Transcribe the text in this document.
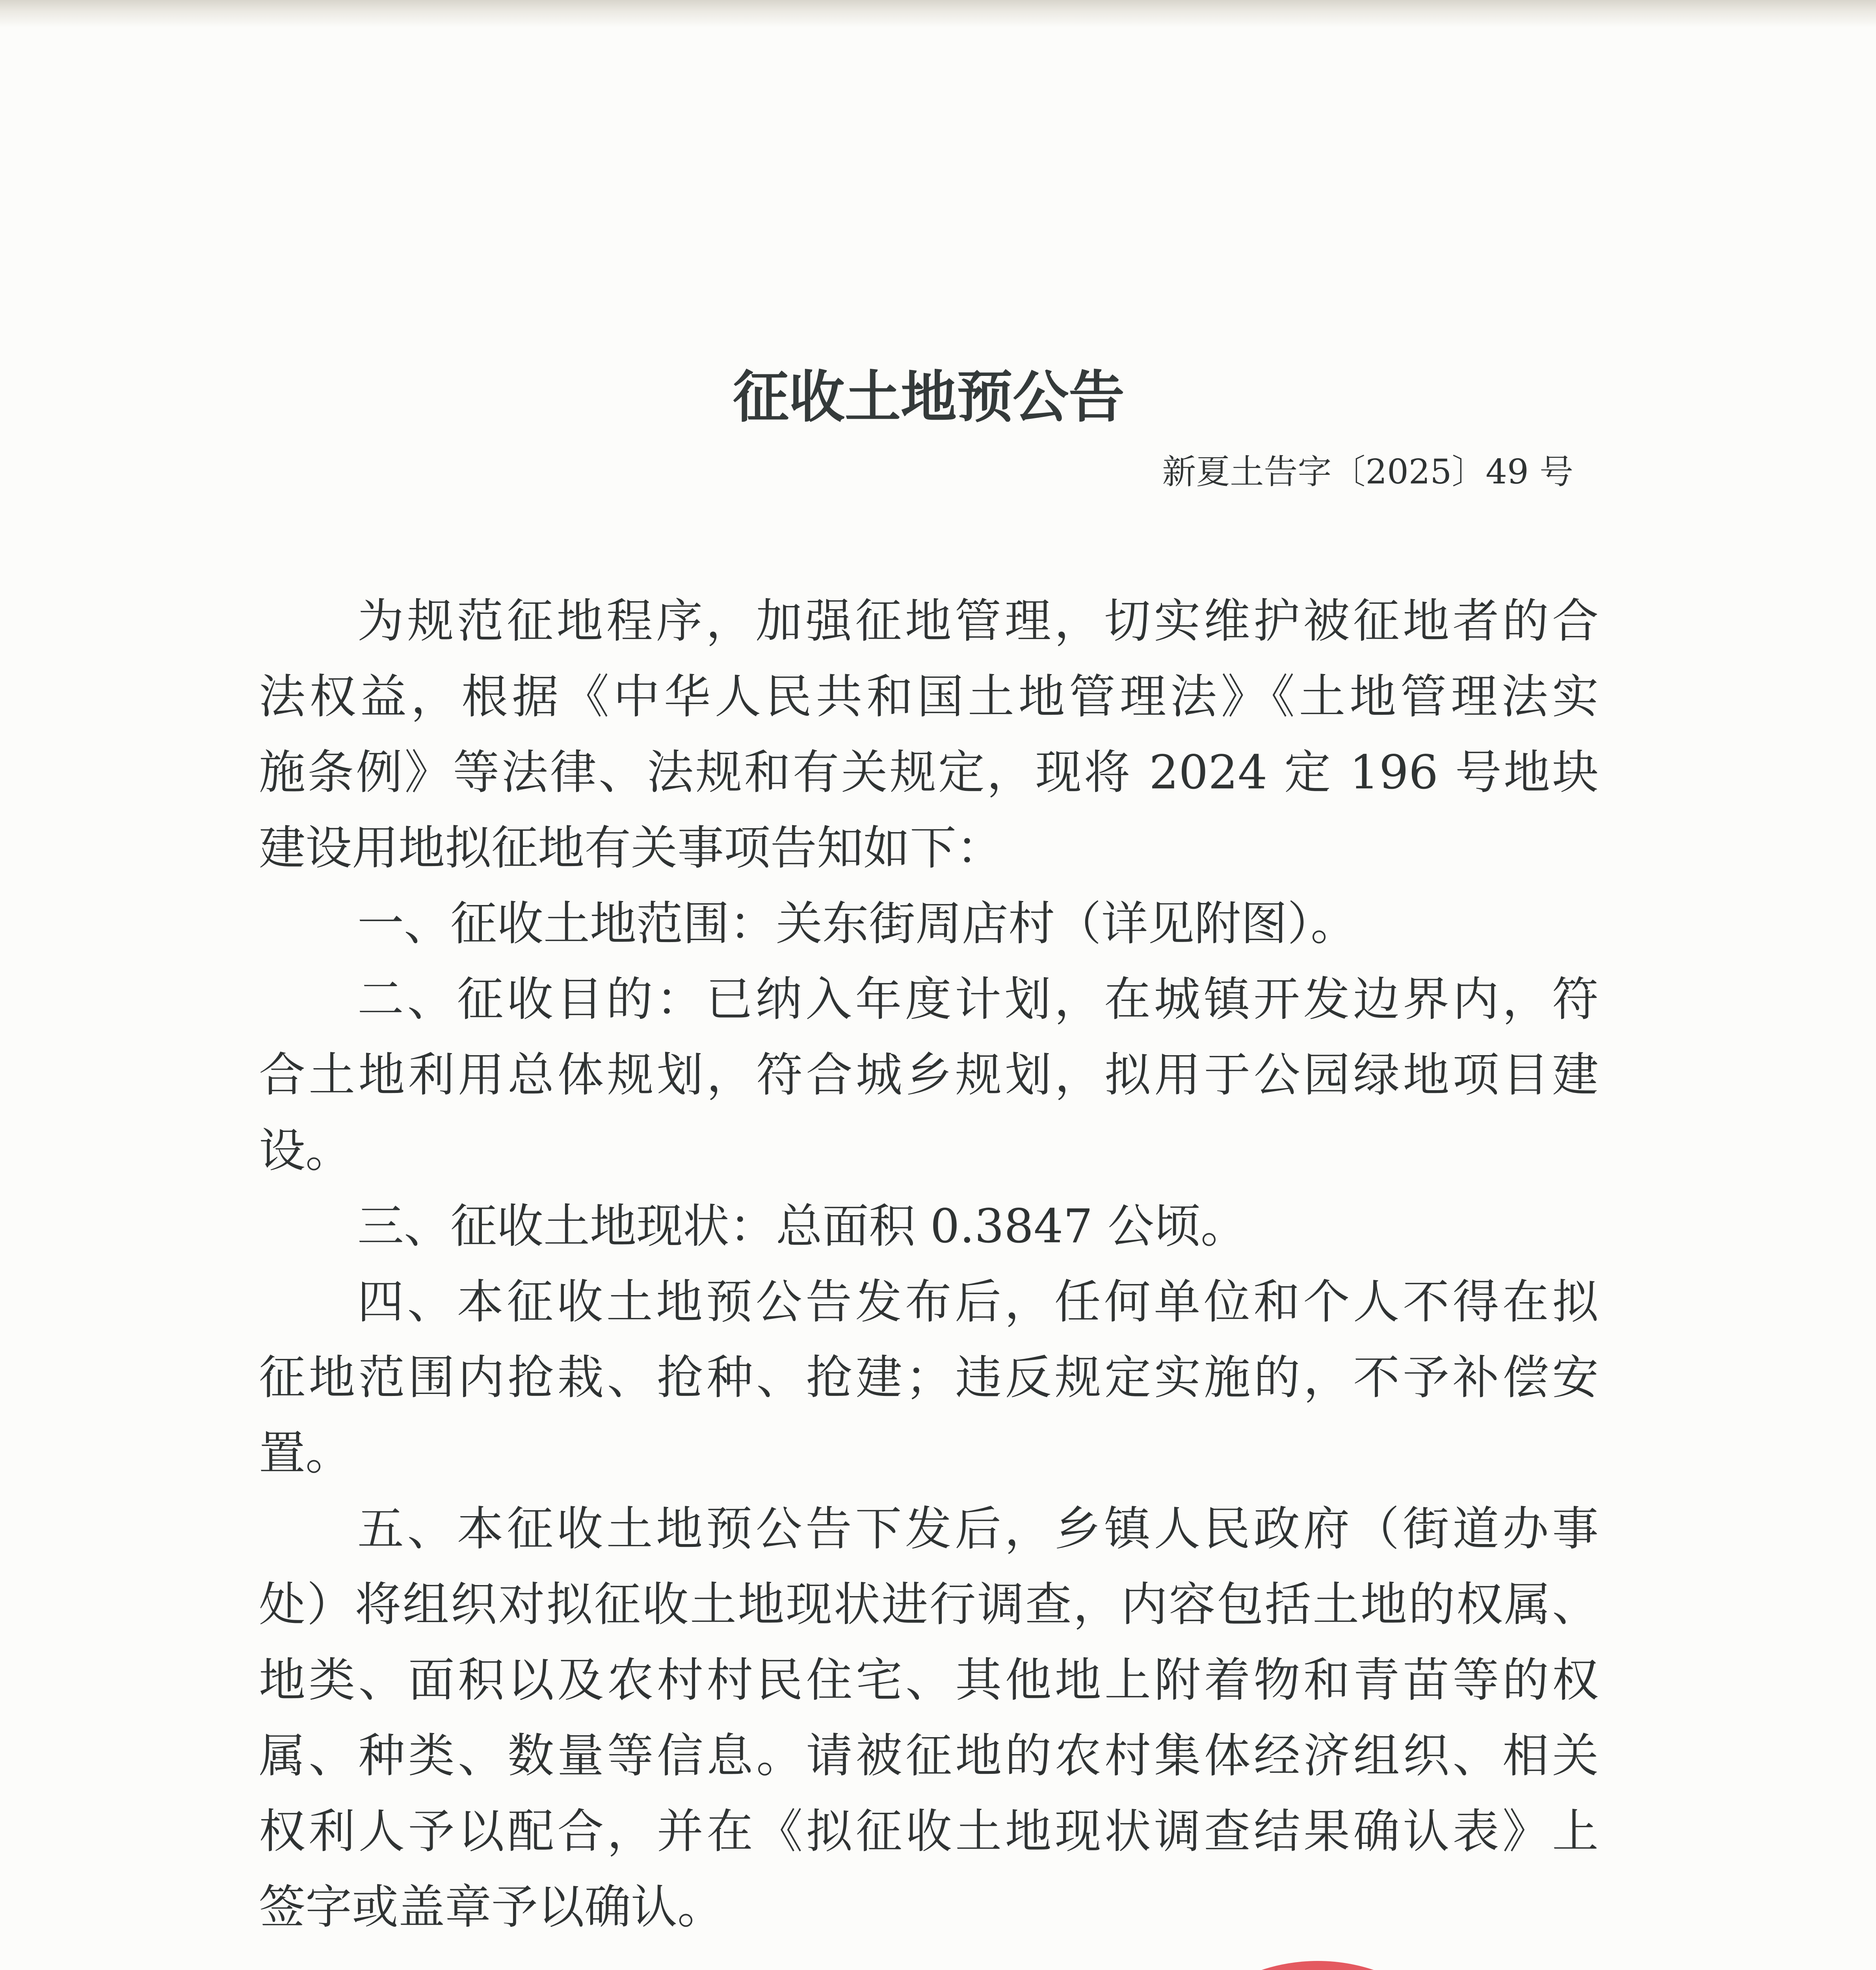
征收土地预公告
新夏土告字〔2025〕49 号
为规范征地程序，加强征地管理，切实维护被征地者的合
法权益，根据《中华人民共和国土地管理法》《土地管理法实
施条例》等法律、法规和有关规定，现将 2024 定 196 号地块
建设用地拟征地有关事项告知如下：
一、征收土地范围：关东街周店村（详见附图）。
二、征收目的：已纳入年度计划，在城镇开发边界内，符
合土地利用总体规划，符合城乡规划，拟用于公园绿地项目建
设。
三、征收土地现状：总面积 0.3847 公顷。
四、本征收土地预公告发布后，任何单位和个人不得在拟
征地范围内抢栽、抢种、抢建；违反规定实施的，不予补偿安
置。
五、本征收土地预公告下发后，乡镇人民政府（街道办事
处）将组织对拟征收土地现状进行调查，内容包括土地的权属、
地类、面积以及农村村民住宅、其他地上附着物和青苗等的权
属、种类、数量等信息。请被征地的农村集体经济组织、相关
权利人予以配合，并在《拟征收土地现状调查结果确认表》上
签字或盖章予以确认。
